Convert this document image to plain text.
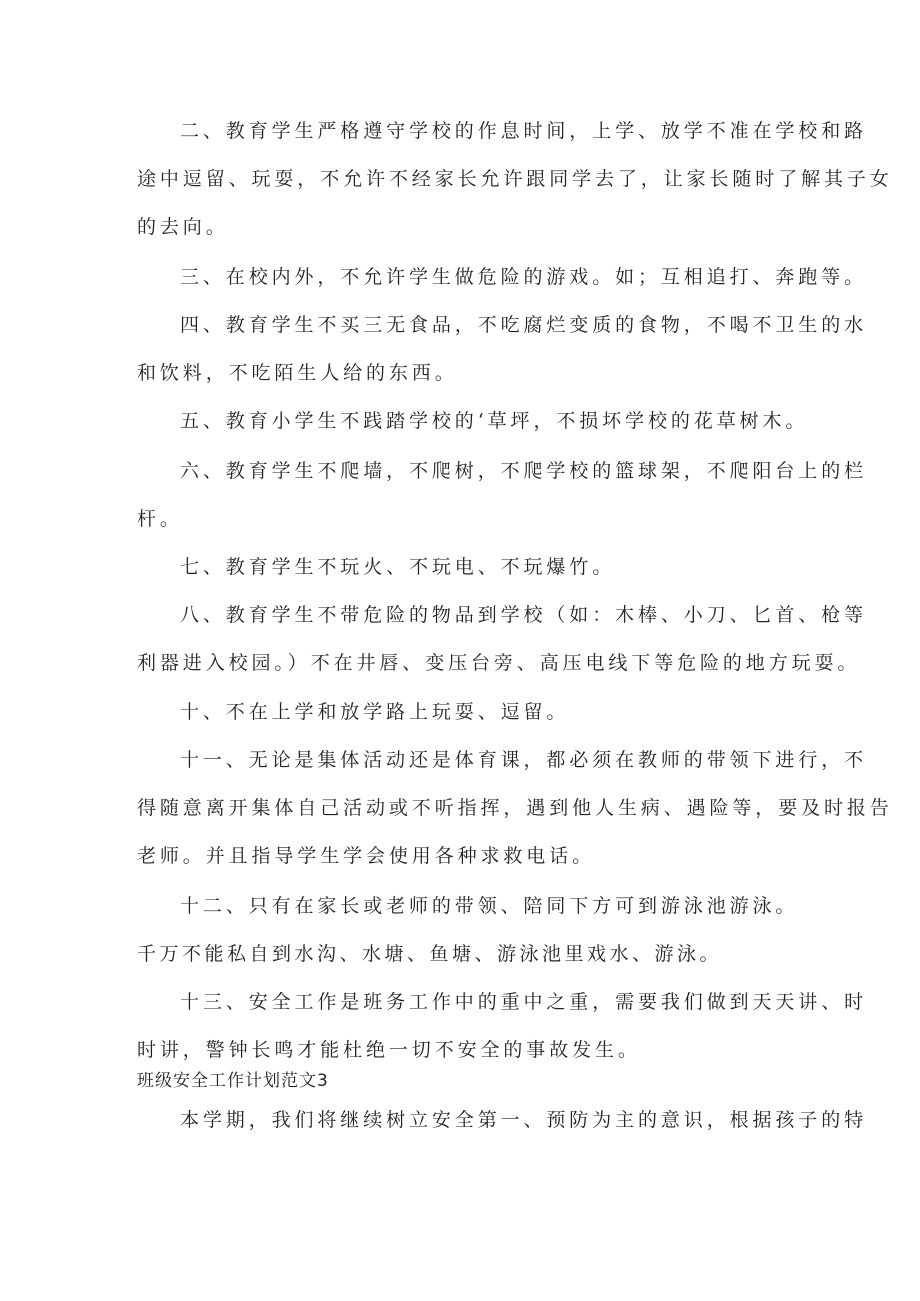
二、教育学生严格遵守学校的作息时间，上学、放学不准在学校和路

途中逗留、玩耍，不允许不经家长允许跟同学去了，让家长随时了解其子女

的去向。

三、在校内外，不允许学生做危险的游戏。如；互相追打、奔跑等。

四、教育学生不买三无食品，不吃腐烂变质的食物，不喝不卫生的水

和饮料，不吃陌生人给的东西。

五、教育小学生不践踏学校的‘草坪，不损坏学校的花草树木。

六、教育学生不爬墙，不爬树，不爬学校的篮球架，不爬阳台上的栏

杆。

七、教育学生不玩火、不玩电、不玩爆竹。

八、教育学生不带危险的物品到学校（如：木棒、小刀、匕首、枪等

利器进入校园。）不在井唇、变压台旁、高压电线下等危险的地方玩耍。

十、不在上学和放学路上玩耍、逗留。

十一、无论是集体活动还是体育课，都必须在教师的带领下进行，不

得随意离开集体自己活动或不听指挥，遇到他人生病、遇险等，要及时报告

老师。并且指导学生学会使用各种求救电话。

十二、只有在家长或老师的带领、陪同下方可到游泳池游泳。

千万不能私自到水沟、水塘、鱼塘、游泳池里戏水、游泳。

十三、安全工作是班务工作中的重中之重，需要我们做到天天讲、时

时讲，警钟长鸣才能杜绝一切不安全的事故发生。

班级安全工作计划范文3

本学期，我们将继续树立安全第一、预防为主的意识，根据孩子的特
